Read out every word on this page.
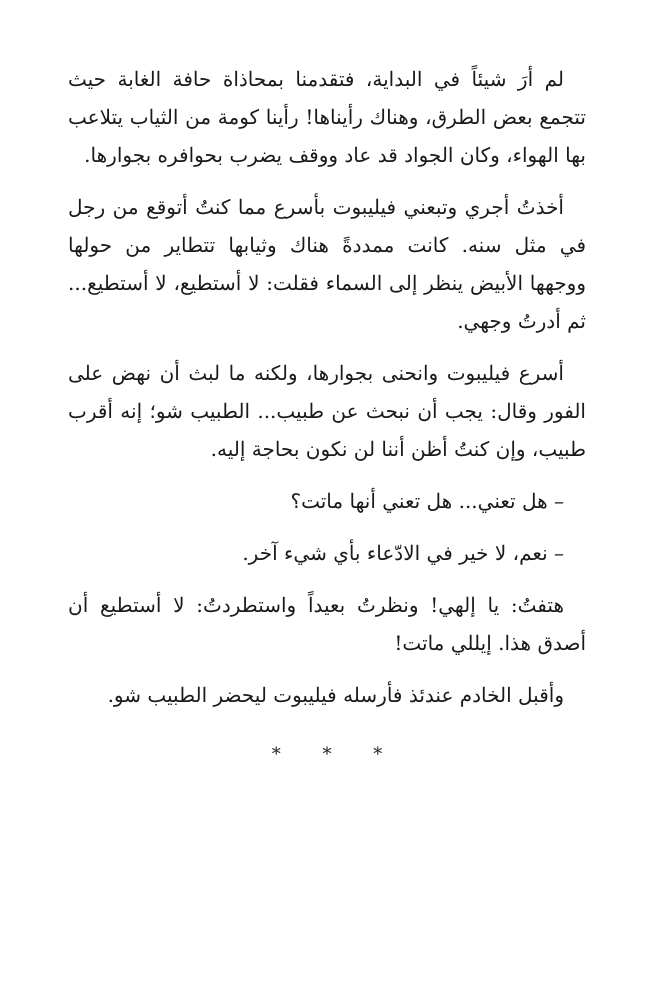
لم أرَ شيئاً في البداية، فتقدمنا بمحاذاة حافة الغابة حيث تتجمع بعض الطرق، وهناك رأيناها! رأينا كومة من الثياب يتلاعب بها الهواء، وكان الجواد قد عاد ووقف يضرب بحوافره بجوارها.

أخذتُ أجري وتبعني فيليبوت بأسرع مما كنتُ أتوقع من رجل في مثل سنه. كانت ممددةً هناك وثيابها تتطاير من حولها ووجهها الأبيض ينظر إلى السماء فقلت: لا أستطيع، لا أستطيع... ثم أدرتُ وجهي.

أسرع فيليبوت وانحنى بجوارها، ولكنه ما لبث أن نهض على الفور وقال: يجب أن نبحث عن طبيب... الطبيب شو؛ إنه أقرب طبيب، وإن كنتُ أظن أننا لن نكون بحاجة إليه.

– هل تعني... هل تعني أنها ماتت؟

– نعم، لا خير في الادّعاء بأي شيء آخر.

هتفتُ: يا إلهي! ونظرتُ بعيداً واستطردتُ: لا أستطيع أن أصدق هذا. إيللي ماتت!

وأقبل الخادم عندئذ فأرسله فيليبوت ليحضر الطبيب شو.

* * *
